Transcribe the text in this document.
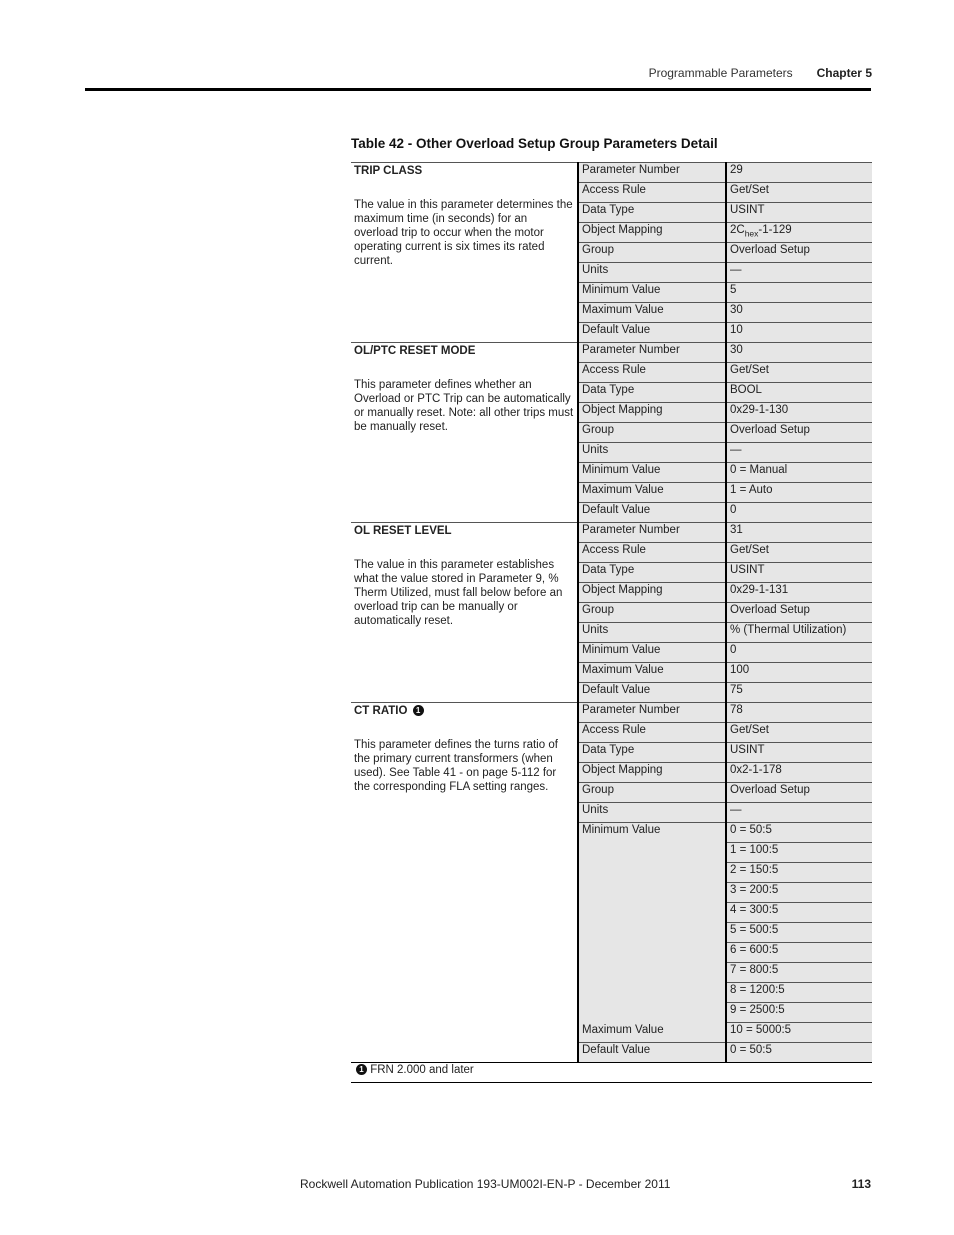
Programmable Parameters Chapter 5
Table 42 - Other Overload Setup Group Parameters Detail
TRIP CLASS
The value in this parameter determines the maximum time (in seconds) for an overload trip to occur when the motor operating current is six times its rated current.	Parameter Number	29
	Access Rule	Get/Set
	Data Type	USINT
	Object Mapping	$2C_{hex}-1-129$
	Group	Overload Setup
	Units	—
	Minimum Value	5
	Maximum Value	30
	Default Value	10

OL/PTC RESET MODE
This parameter defines whether an Overload or PTC Trip can be automatically or manually reset. Note: all other trips must be manually reset.	Parameter Number	30
	Access Rule	Get/Set
	Data Type	BOOL
	Object Mapping	0x29-1-130
	Group	Overload Setup
	Units	—
	Minimum Value	0 = Manual
	Maximum Value	1 = Auto
	Default Value	0

OL RESET LEVEL
The value in this parameter establishes what the value stored in Parameter 9, % Therm Utilized, must fall below before an overload trip can be manually or automatically reset.	Parameter Number	31
	Access Rule	Get/Set
	Data Type	USINT
	Object Mapping	0x29-1-131
	Group	Overload Setup
	Units	% (Thermal Utilization)
	Minimum Value	0
	Maximum Value	100
	Default Value	75

CT RATIO 1
This parameter defines the turns ratio of the primary current transformers (when used). See Table 41 - on page 5-112 for the corresponding FLA setting ranges.	Parameter Number	78
	Access Rule	Get/Set
	Data Type	USINT
	Object Mapping	0x2-1-178
	Group	Overload Setup
	Units	—
	Minimum Value	0 = 50:5
		1 = 100:5
		2 = 150:5
		3 = 200:5
		4 = 300:5
		5 = 500:5
		6 = 600:5
		7 = 800:5
		8 = 1200:5
		9 = 2500:5
	Maximum Value	10 = 5000:5
	Default Value	0 = 50:5
1 FRN 2.000 and later		
Rockwell Automation Publication 193-UM002I-EN-P - December 2011	113
